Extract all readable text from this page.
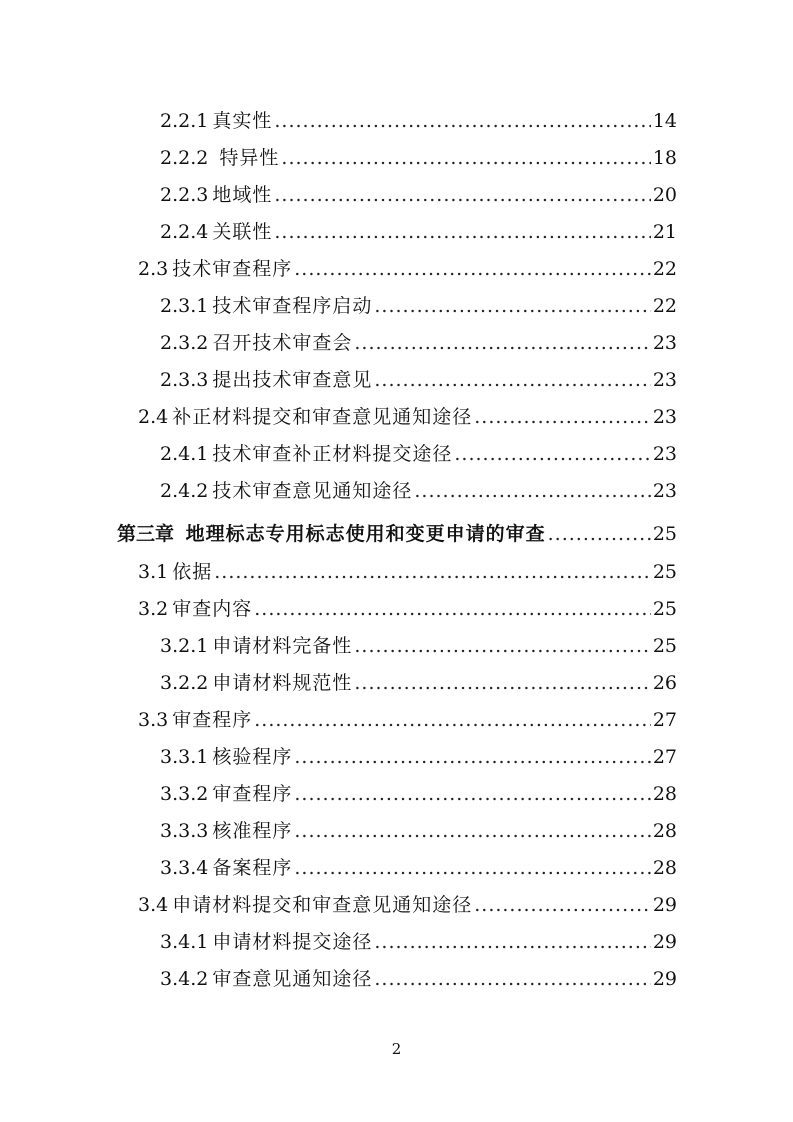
2.2.1 真实性 .....	14
2.2.2 特异性 .....	18
2.2.3 地域性 .....	20
2.2.4 关联性 .....	21
2.3 技术审查程序 .....	22
2.3.1 技术审查程序启动 .....	22
2.3.2 召开技术审查会 .....	23
2.3.3 提出技术审查意见 .....	23
2.4 补正材料提交和审查意见通知途径 .....	23
2.4.1 技术审查补正材料提交途径 .....	23
2.4.2 技术审查意见通知途径 .....	23
第三章 地理标志专用标志使用和变更申请的审查 .....	25
3.1 依据 .....	25
3.2 审查内容 .....	25
3.2.1 申请材料完备性 .....	25
3.2.2 申请材料规范性 .....	26
3.3 审查程序 .....	27
3.3.1 核验程序 .....	27
3.3.2 审查程序 .....	28
3.3.3 核准程序 .....	28
3.3.4 备案程序 .....	28
3.4 申请材料提交和审查意见通知途径 .....	29
3.4.1 申请材料提交途径 .....	29
3.4.2 审查意见通知途径 .....	29
2
